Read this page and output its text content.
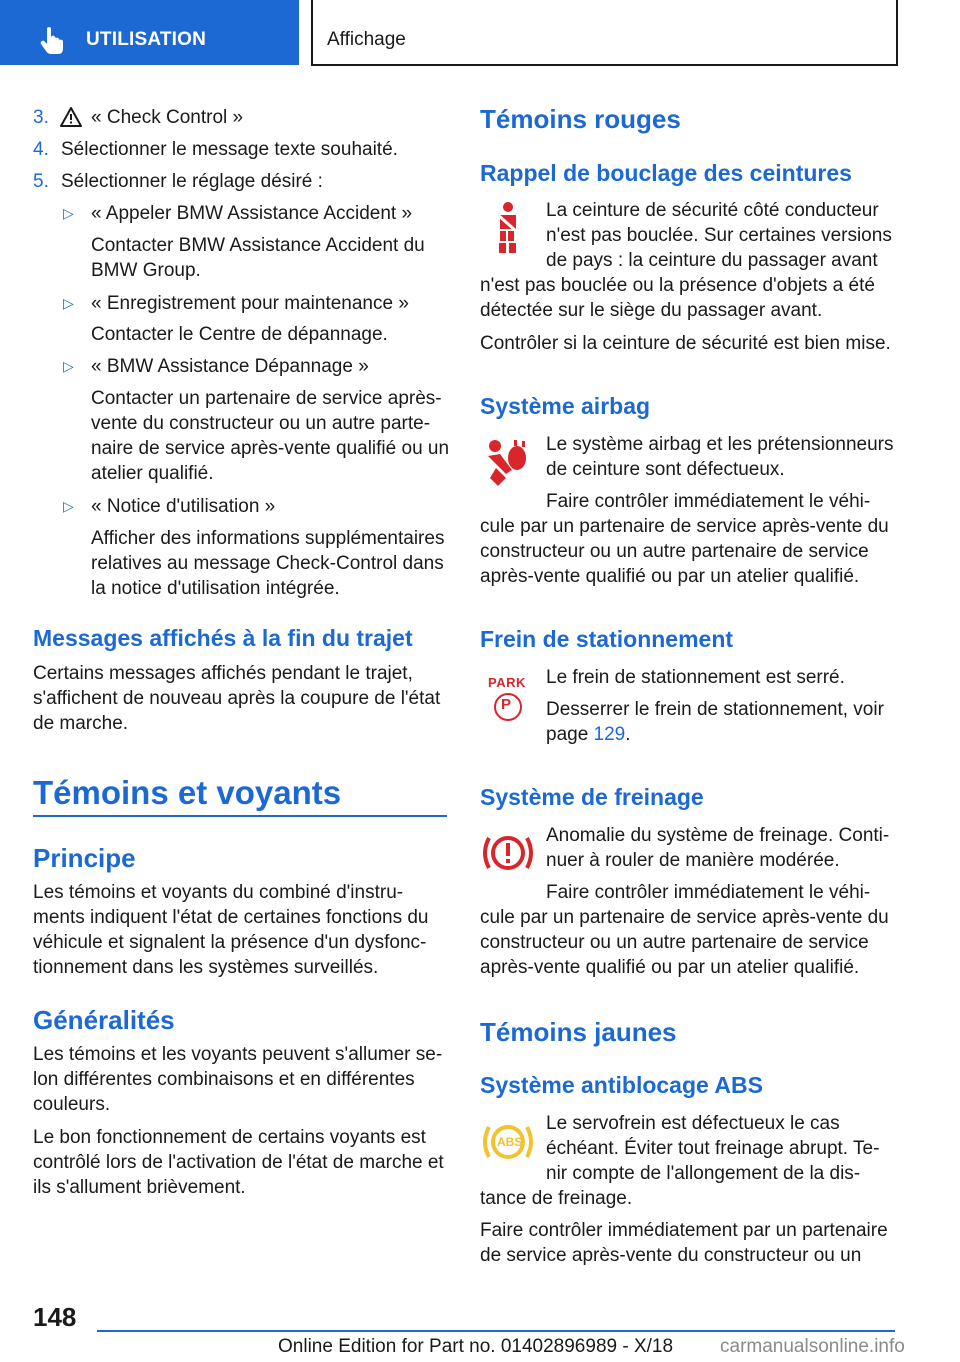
UTILISATION	Affichage
3. « Check Control »
4. Sélectionner le message texte souhaité.
5. Sélectionner le réglage désiré :
▷ « Appeler BMW Assistance Accident »
Contacter BMW Assistance Accident du
BMW Group.
▷ « Enregistrement pour maintenance »
Contacter le Centre de dépannage.
▷ « BMW Assistance Dépannage »
Contacter un partenaire de service après-
vente du constructeur ou un autre parte-
naire de service après-vente qualifié ou un
atelier qualifié.
▷ « Notice d'utilisation »
Afficher des informations supplémentaires
relatives au message Check-Control dans
la notice d'utilisation intégrée.
Messages affichés à la fin du trajet
Certains messages affichés pendant le trajet,
s'affichent de nouveau après la coupure de l'état
de marche.
Témoins et voyants
Principe
Les témoins et voyants du combiné d'instru-
ments indiquent l'état de certaines fonctions du
véhicule et signalent la présence d'un dysfonc-
tionnement dans les systèmes surveillés.
Généralités
Les témoins et les voyants peuvent s'allumer se-
lon différentes combinaisons et en différentes
couleurs.
Le bon fonctionnement de certains voyants est
contrôlé lors de l'activation de l'état de marche et
ils s'allument brièvement.
Témoins rouges
Rappel de bouclage des ceintures
La ceinture de sécurité côté conducteur
n'est pas bouclée. Sur certaines versions
de pays : la ceinture du passager avant
n'est pas bouclée ou la présence d'objets a été
détectée sur le siège du passager avant.
Contrôler si la ceinture de sécurité est bien mise.
Système airbag
Le système airbag et les prétensionneurs
de ceinture sont défectueux.
Faire contrôler immédiatement le véhi-
cule par un partenaire de service après-vente du
constructeur ou un autre partenaire de service
après-vente qualifié ou par un atelier qualifié.
Frein de stationnement
PARK
P
Le frein de stationnement est serré.
Desserrer le frein de stationnement, voir
page 129.
Système de freinage
Anomalie du système de freinage. Conti-
nuer à rouler de manière modérée.
Faire contrôler immédiatement le véhi-
cule par un partenaire de service après-vente du
constructeur ou un autre partenaire de service
après-vente qualifié ou par un atelier qualifié.
Témoins jaunes
Système antiblocage ABS
ABS
Le servofrein est défectueux le cas
échéant. Éviter tout freinage abrupt. Te-
nir compte de l'allongement de la dis-
tance de freinage.
Faire contrôler immédiatement par un partenaire
de service après-vente du constructeur ou un
148
Online Edition for Part no. 01402896989 - X/18 carmanualsonline.info
